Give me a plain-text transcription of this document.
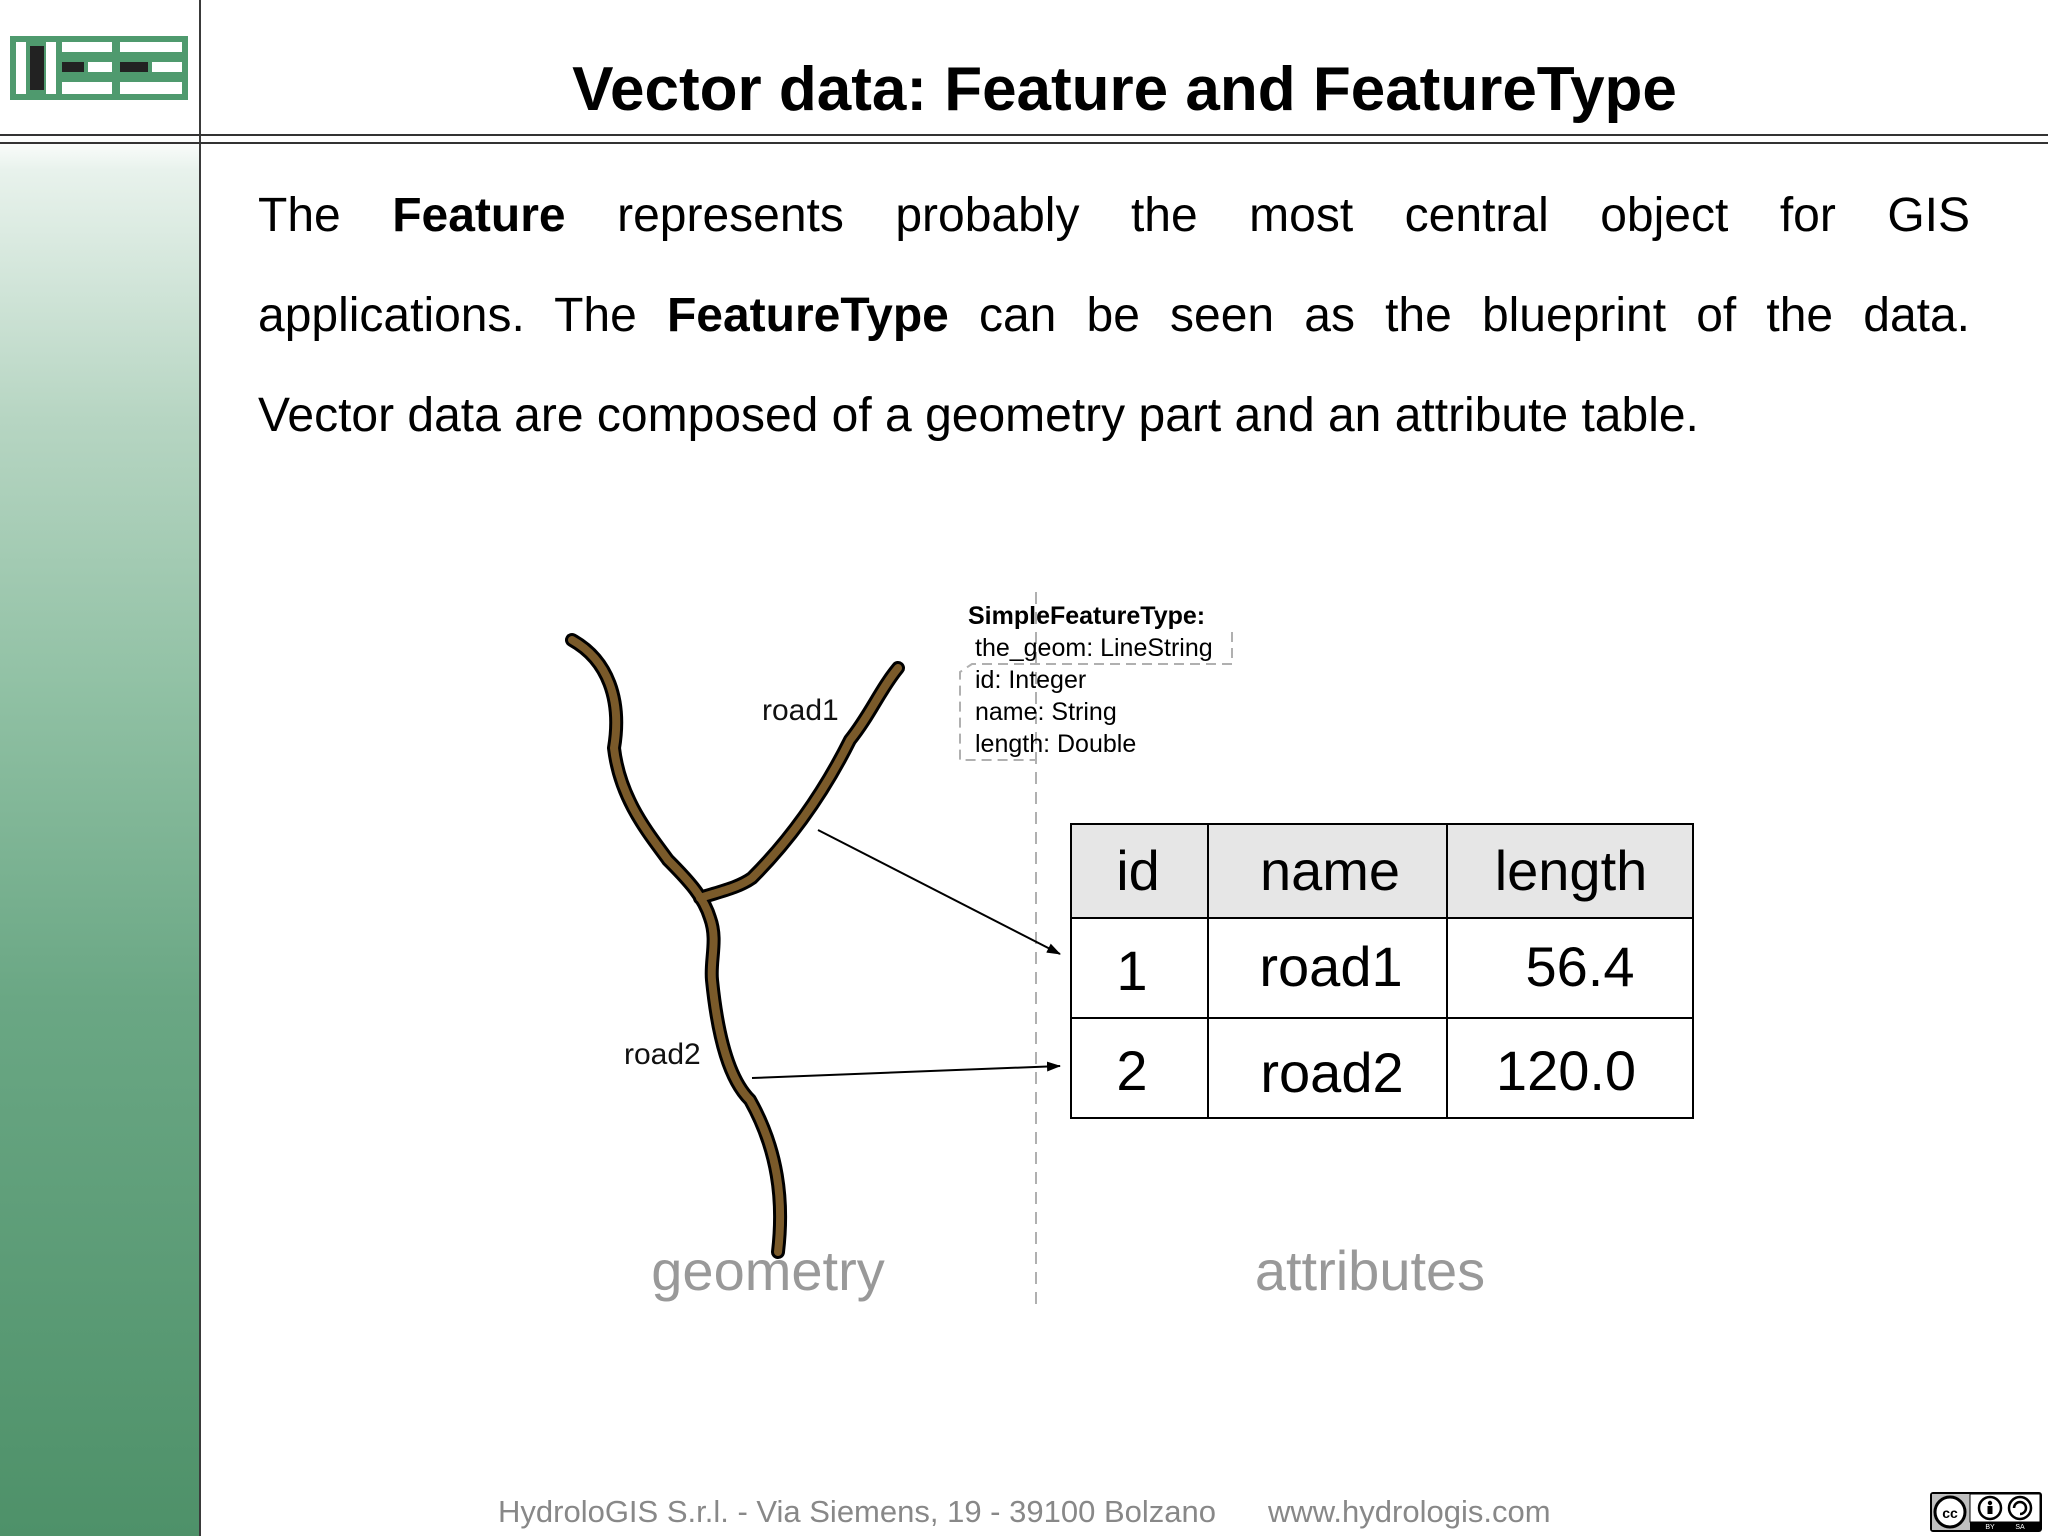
Vector data: Feature and FeatureType
The Feature represents probably the most central object for GIS
applications. The FeatureType can be seen as the blueprint of the data.
Vector data are composed of a geometry part and an attribute table.
road1
road2
SimpleFeatureType:
the_geom: LineString
id: Integer
name: String
length: Double
id name length
1 road1 56.4
2 road2 120.0
geometry	attributes
HydroloGIS S.r.l. - Via Siemens, 19 - 39100 Bolzano www.hydrologis.com	cc
BY	SA
